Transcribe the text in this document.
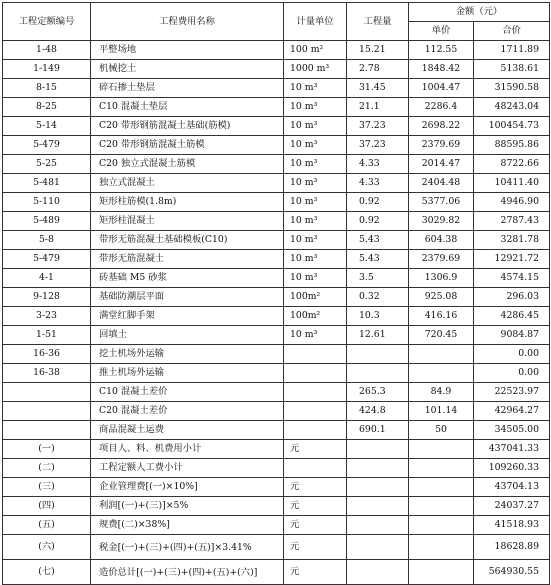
工程定额编号	工程费用名称	计量单位	工程量	金额（元）	
				单价	合价
1-48	平整场地	100 m²	15.21	112.55	1711.89
1-149	机械挖土	1000 m³	2.78	1848.42	5138.61
8-15	碎石掺土垫层	10 m³	31.45	1004.47	31590.58
8-25	C10 混凝土垫层	10 m³	21.1	2286.4	48243.04
5-14	C20 带形钢筋混凝土基础(筋模)	10 m³	37.23	2698.22	100454.73
5-479	C20 带形钢筋混凝土筋模	10 m³	37.23	2379.69	88595.86
5-25	C20 独立式混凝土筋模	10 m³	4.33	2014.47	8722.66
5-481	独立式混凝土	10 m³	4.33	2404.48	10411.40
5-110	矩形柱筋模(1.8m)	10 m³	0.92	5377.06	4946.90
5-489	矩形柱混凝土	10 m³	0.92	3029.82	2787.43
5-8	带形无筋混凝土基础模板(C10)	10 m³	5.43	604.38	3281.78
5-479	带形无筋混凝土	10 m³	5.43	2379.69	12921.72
4-1	砖基础 M5 砂浆	10 m³	3.5	1306.9	4574.15
9-128	基础防潮层平面	100m²	0.32	925.08	296.03
3-23	满堂红脚手架	100m²	10.3	416.16	4286.45
1-51	回填土	10 m³	12.61	720.45	9084.87
16-36	挖土机场外运输				0.00
16-38	推土机场外运输				0.00
	C10 混凝土差价		265.3	84.9	22523.97
	C20 混凝土差价		424.8	101.14	42964.27
	商品混凝土运费		690.1	50	34505.00
(一)	项目人、料、机费用小计	元			437041.33
(二)	工程定额人工费小计				109260.33
(三)	企业管理费[(一)×10%]	元			43704.13
(四)	利润[(一)+(三)]×5%	元			24037.27
(五)	规费[(二)×38%]	元			41518.93
(六)	税金[(一)+(三)+(四)+(五)]×3.41%	元			18628.89
(七)	造价总计[(一)+(三)+(四)+(五)+(六)]	元			564930.55
